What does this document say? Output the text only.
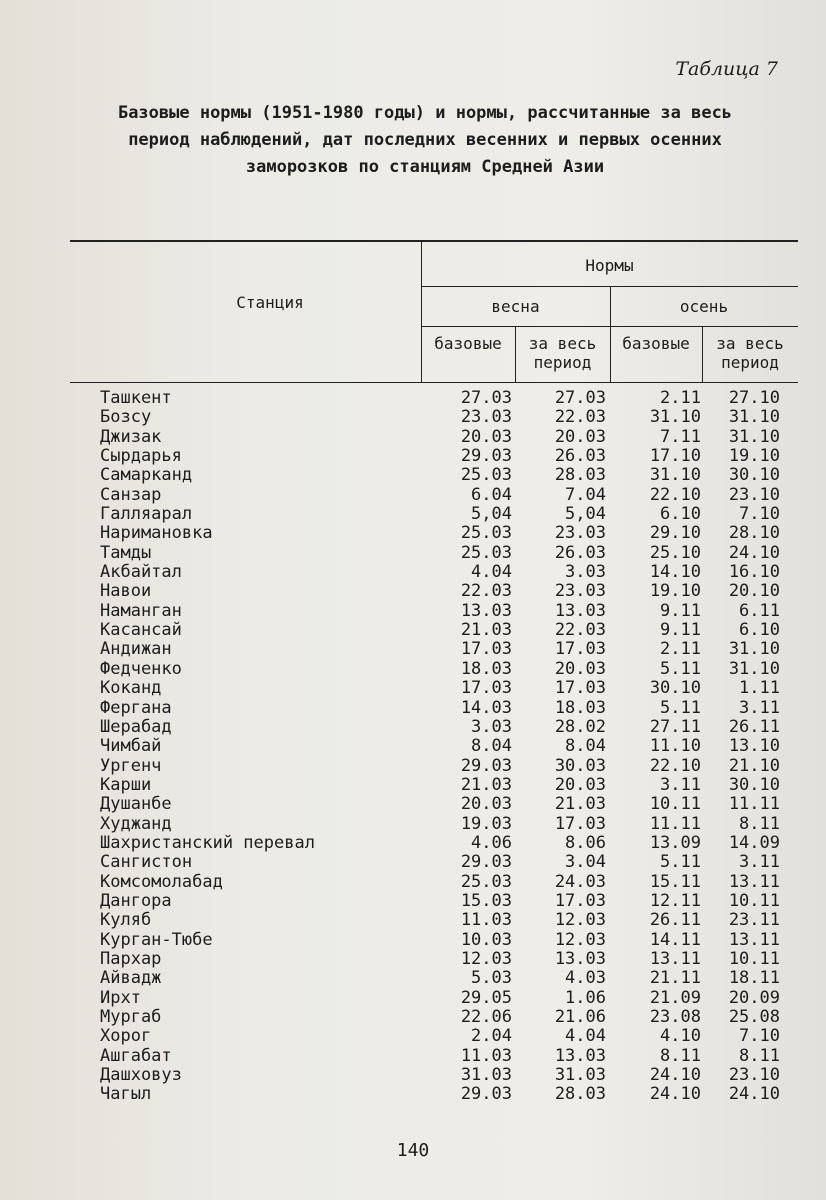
Таблица 7
Базовые нормы (1951-1980 годы) и нормы, рассчитанные за весь
период наблюдений, дат последних весенних и первых осенних
заморозков по станциям Средней Азии
Станция
Нормы
весна	осень
базовые	за весь
период
базовые	за весь
период
Ташкент	27.03	27.03	2.11 27.10
Бозсу	23.03	22.03	31.10 31.10
Джизак	20.03	20.03	7.11 31.10
Сырдарья	29.03	26.03	17.10 19.10
Самарканд	25.03	28.03	31.10 30.10
Санзар	6.04	7.04	22.10 23.10
Галляарал	5,04	5,04	6.10 7.10
Наримановка	25.03	23.03	29.10 28.10
Тамды	25.03	26.03	25.10 24.10
Акбайтал	4.04	3.03	14.10 16.10
Навои	22.03	23.03	19.10 20.10
Наманган	13.03	13.03	9.11 6.11
Касансай	21.03	22.03	9.11 6.10
Андижан	17.03	17.03	2.11 31.10
Федченко	18.03	20.03	5.11 31.10
Коканд	17.03	17.03	30.10 1.11
Фергана	14.03	18.03	5.11 3.11
Шерабад	3.03	28.02	27.11 26.11
Чимбай	8.04	8.04	11.10 13.10
Ургенч	29.03	30.03	22.10 21.10
Карши	21.03	20.03	3.11 30.10
Душанбе	20.03	21.03	10.11 11.11
Худжанд	19.03	17.03	11.11 8.11
Шахристанский перевал	4.06	8.06	13.09 14.09
Сангистон	29.03	3.04	5.11 3.11
Комсомолабад	25.03	24.03	15.11 13.11
Дангора	15.03	17.03	12.11 10.11
Куляб	11.03	12.03	26.11 23.11
Курган-Тюбе	10.03	12.03	14.11 13.11
Пархар	12.03	13.03	13.11 10.11
Айвадж	5.03	4.03	21.11 18.11
Ирхт	29.05	1.06	21.09 20.09
Мургаб	22.06	21.06	23.08 25.08
Хорог	2.04	4.04	4.10 7.10
Ашгабат	11.03	13.03	8.11 8.11
Дашховуз	31.03	31.03	24.10 23.10
Чагыл	29.03	28.03	24.10 24.10
140
